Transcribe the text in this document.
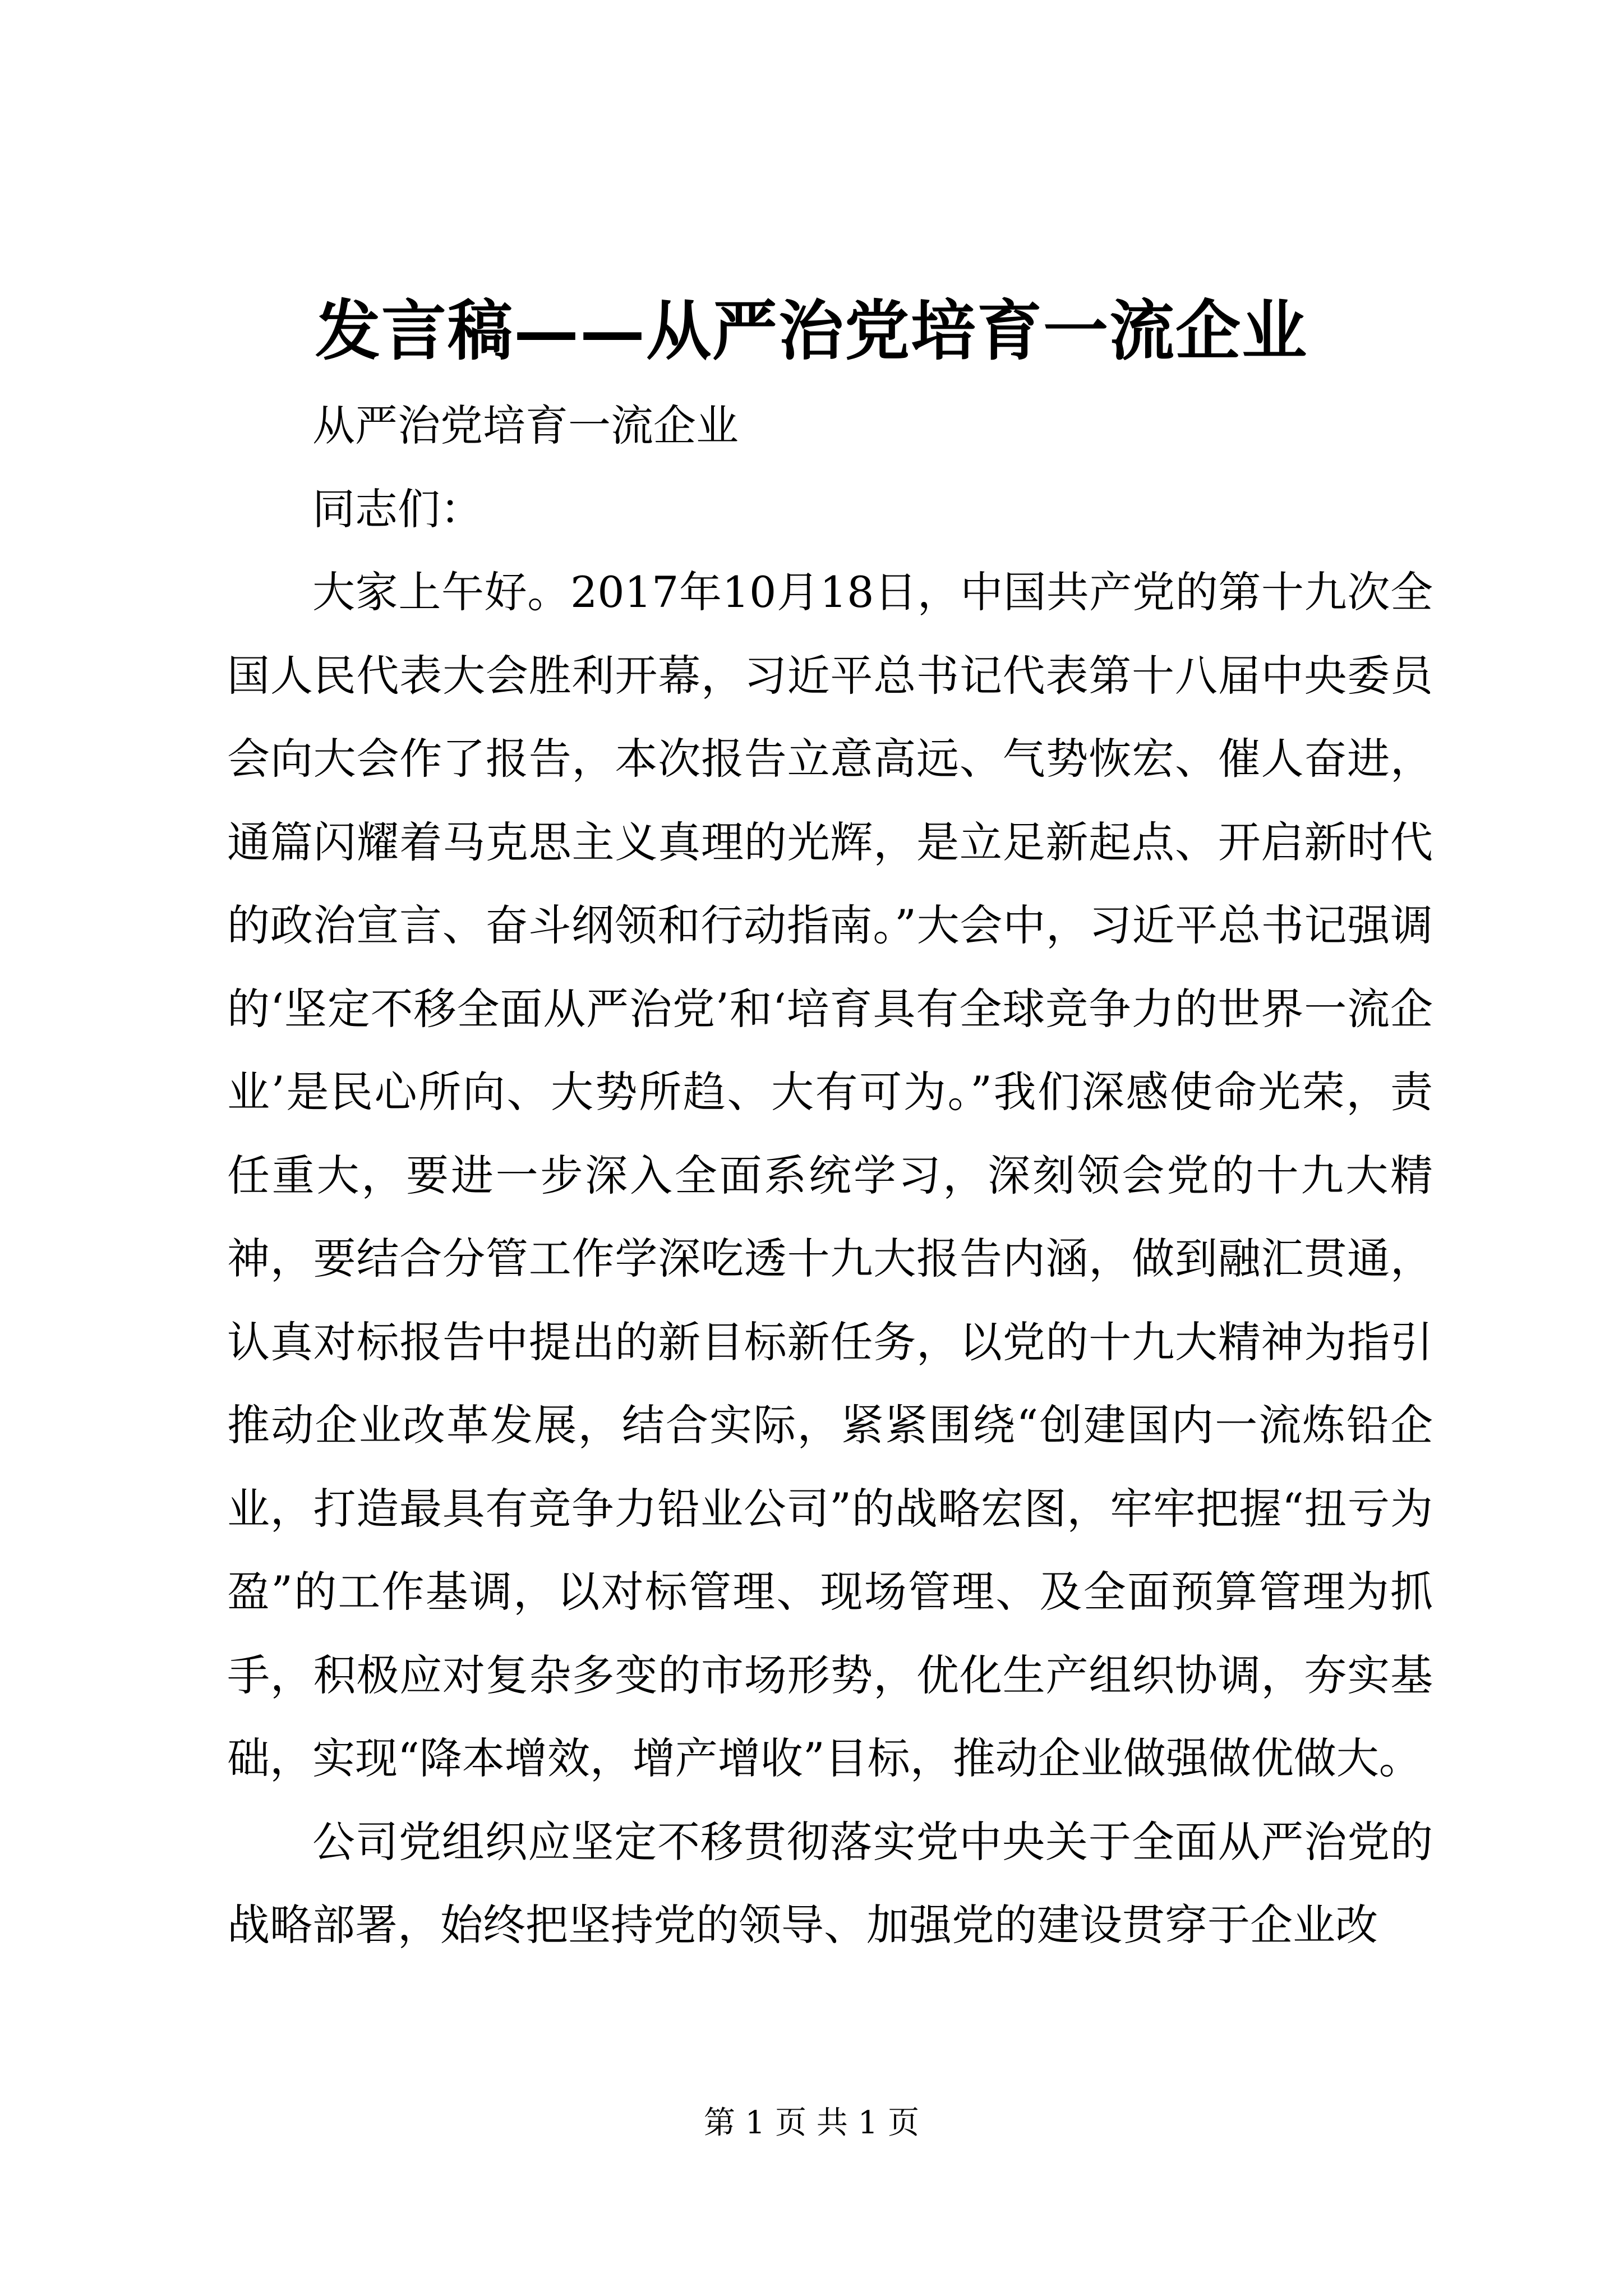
发言稿——从严治党培育一流企业

从严治党培育一流企业

同志们：

大家上午好。2017年10月18日，中国共产党的第十九次全国人民代表大会胜利开幕，习近平总书记代表第十八届中央委员会向大会作了报告，本次报告立意高远、气势恢宏、催人奋进，通篇闪耀着马克思主义真理的光辉，是立足新起点、开启新时代的政治宣言、奋斗纲领和行动指南。”大会中，习近平总书记强调的‘坚定不移全面从严治党’和‘培育具有全球竞争力的世界一流企业’是民心所向、大势所趋、大有可为。”我们深感使命光荣，责任重大，要进一步深入全面系统学习，深刻领会党的十九大精神，要结合分管工作学深吃透十九大报告内涵，做到融汇贯通，认真对标报告中提出的新目标新任务，以党的十九大精神为指引推动企业改革发展，结合实际，紧紧围绕“创建国内一流炼铅企业，打造最具有竞争力铅业公司”的战略宏图，牢牢把握“扭亏为盈”的工作基调，以对标管理、现场管理、及全面预算管理为抓手，积极应对复杂多变的市场形势，优化生产组织协调，夯实基础，实现“降本增效，增产增收”目标，推动企业做强做优做大。

公司党组织应坚定不移贯彻落实党中央关于全面从严治党的战略部署，始终把坚持党的领导、加强党的建设贯穿于企业改

第 1 页 共 1 页
